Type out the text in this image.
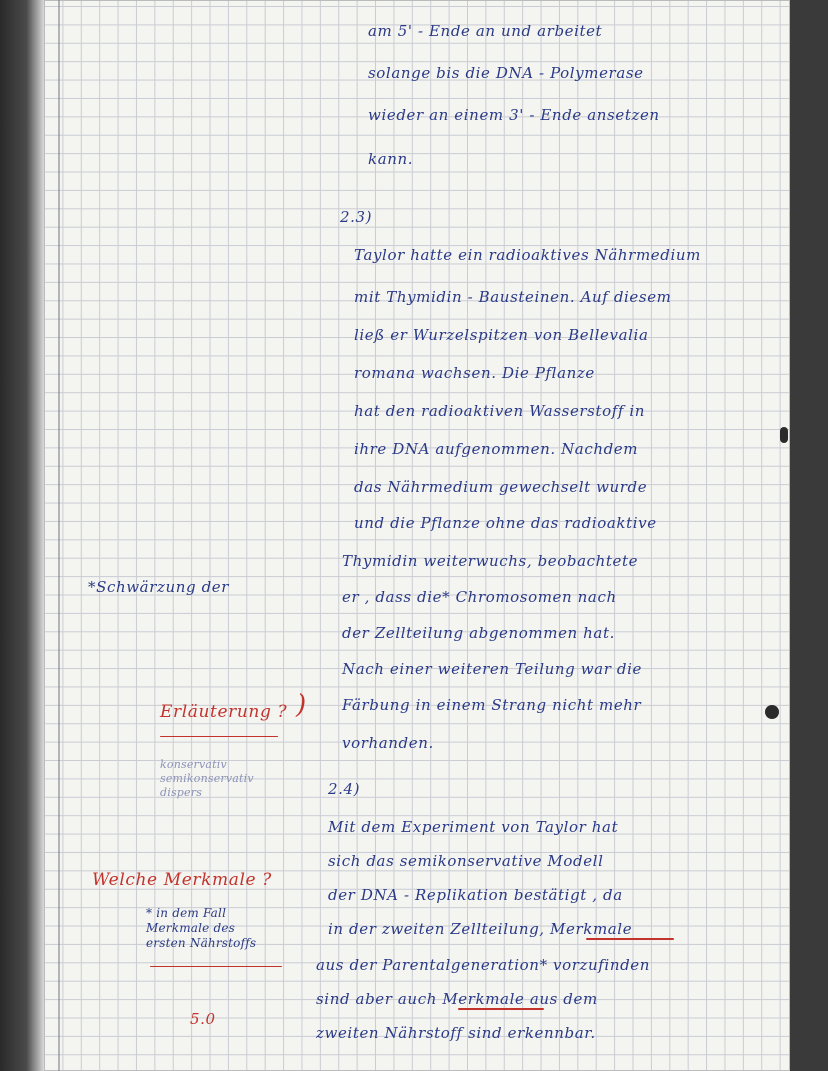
am 5' - Ende an und arbeitet
solange bis die DNA - Polymerase
wieder an einem 3' - Ende ansetzen
kann.
2.3)
Taylor hatte ein radioaktives Nährmedium
mit Thymidin - Bausteinen. Auf diesem
ließ er Wurzelspitzen von Bellevalia
romana wachsen. Die Pflanze
hat den radioaktiven Wasserstoff in
ihre DNA aufgenommen. Nachdem
das Nährmedium gewechselt wurde
und die Pflanze ohne das radioaktive
Thymidin weiterwuchs, beobachtete
er , dass die* Chromosomen nach
der Zellteilung abgenommen hat.
Nach einer weiteren Teilung war die
Färbung in einem Strang nicht mehr
vorhanden.
2.4)
Mit dem Experiment von Taylor hat
sich das semikonservative Modell
der DNA - Replikation bestätigt , da
in der zweiten Zellteilung, Merkmale
aus der Parentalgeneration* vorzufinden
sind aber auch Merkmale aus dem
zweiten Nährstoff sind erkennbar.
*Schwärzung der
Erläuterung ? )
konservativ
semikonservativ
dispers
Welche Merkmale ?
* in dem Fall
Merkmale des
ersten Nährstoffs
5.0
